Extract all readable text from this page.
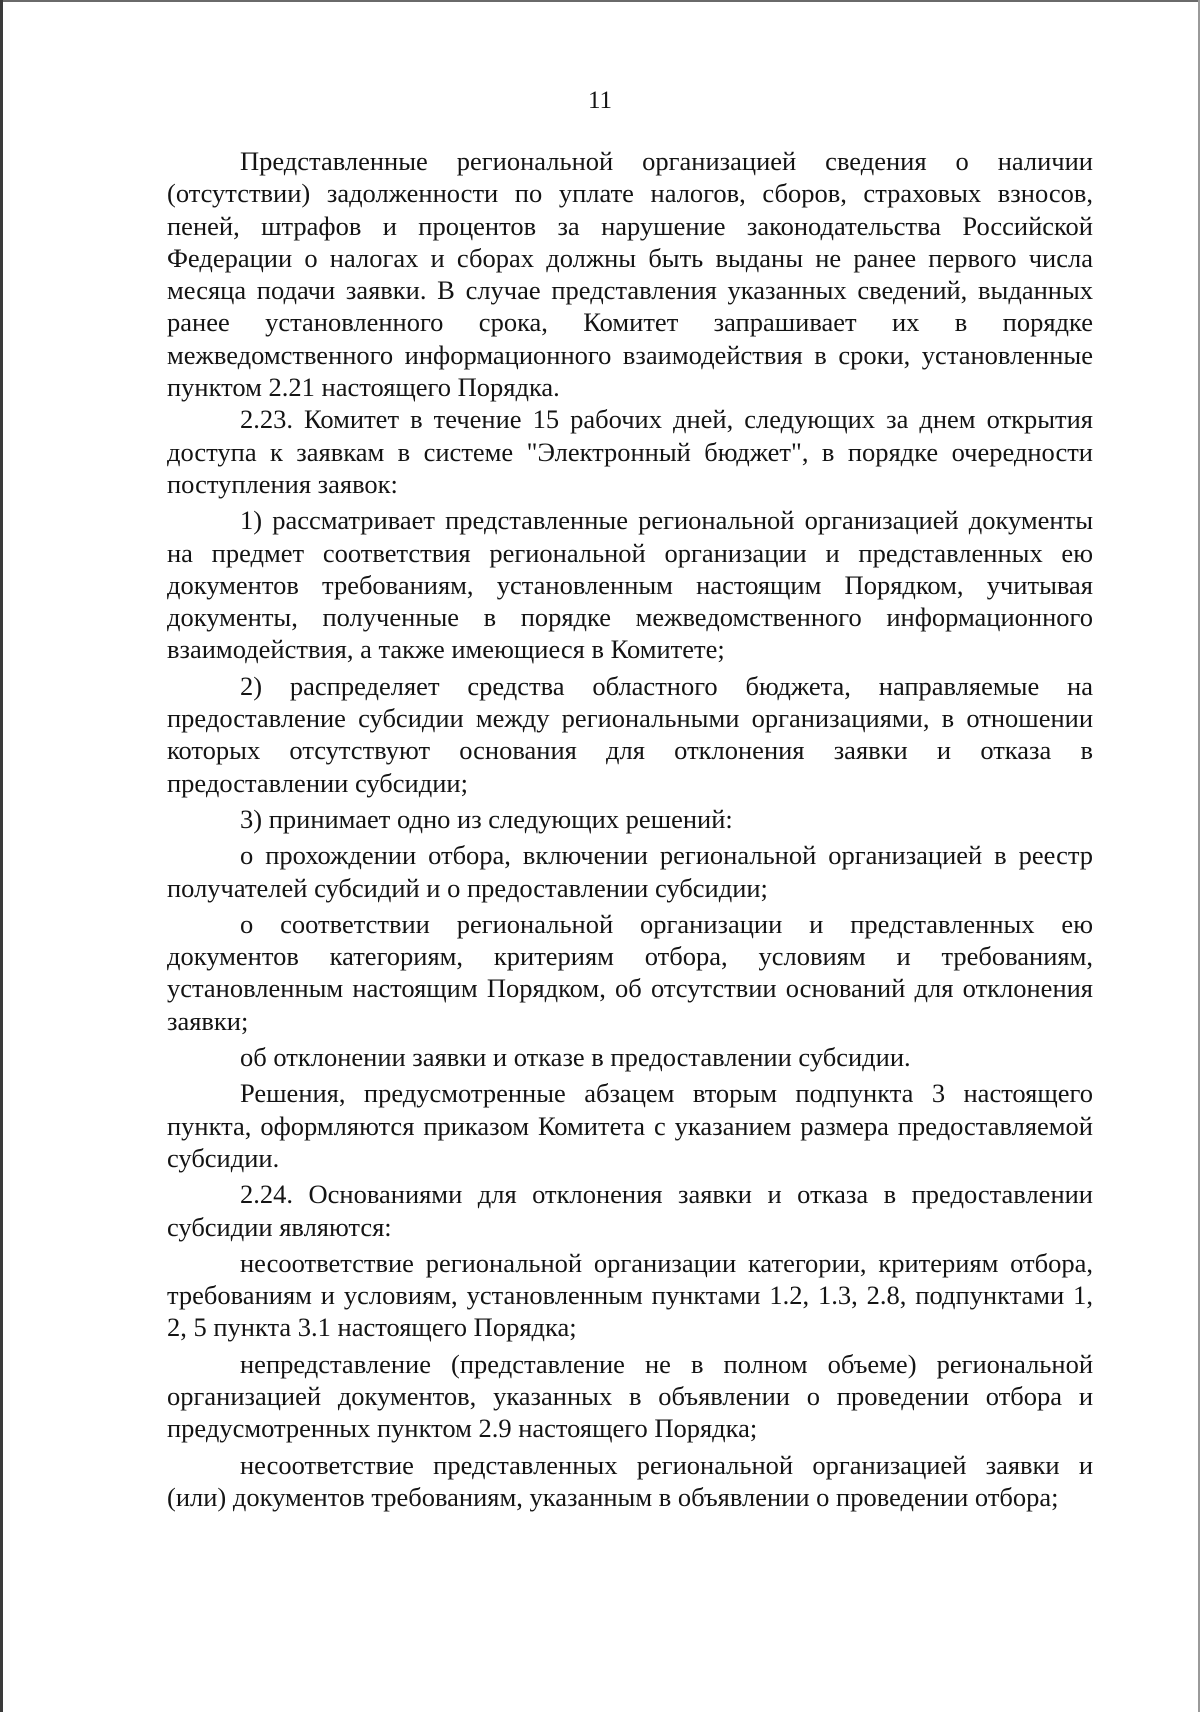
11

Представленные региональной организацией сведения о наличии (отсутствии) задолженности по уплате налогов, сборов, страховых взносов, пеней, штрафов и процентов за нарушение законодательства Российской Федерации о налогах и сборах должны быть выданы не ранее первого числа месяца подачи заявки. В случае представления указанных сведений, выданных ранее установленного срока, Комитет запрашивает их в порядке межведомственного информационного взаимодействия в сроки, установленные пунктом 2.21 настоящего Порядка.

2.23. Комитет в течение 15 рабочих дней, следующих за днем открытия доступа к заявкам в системе "Электронный бюджет", в порядке очередности поступления заявок:

1) рассматривает представленные региональной организацией документы на предмет соответствия региональной организации и представленных ею документов требованиям, установленным настоящим Порядком, учитывая документы, полученные в порядке межведомственного информационного взаимодействия, а также имеющиеся в Комитете;

2) распределяет средства областного бюджета, направляемые на предоставление субсидии между региональными организациями, в отношении которых отсутствуют основания для отклонения заявки и отказа в предоставлении субсидии;

3) принимает одно из следующих решений:

о прохождении отбора, включении региональной организацией в реестр получателей субсидий и о предоставлении субсидии;

о соответствии региональной организации и представленных ею документов категориям, критериям отбора, условиям и требованиям, установленным настоящим Порядком, об отсутствии оснований для отклонения заявки;

об отклонении заявки и отказе в предоставлении субсидии.

Решения, предусмотренные абзацем вторым подпункта 3 настоящего пункта, оформляются приказом Комитета с указанием размера предоставляемой субсидии.

2.24. Основаниями для отклонения заявки и отказа в предоставлении субсидии являются:

несоответствие региональной организации категории, критериям отбора, требованиям и условиям, установленным пунктами 1.2, 1.3, 2.8, подпунктами 1, 2, 5 пункта 3.1 настоящего Порядка;

непредставление (представление не в полном объеме) региональной организацией документов, указанных в объявлении о проведении отбора и предусмотренных пунктом 2.9 настоящего Порядка;

несоответствие представленных региональной организацией заявки и (или) документов требованиям, указанным в объявлении о проведении отбора;
